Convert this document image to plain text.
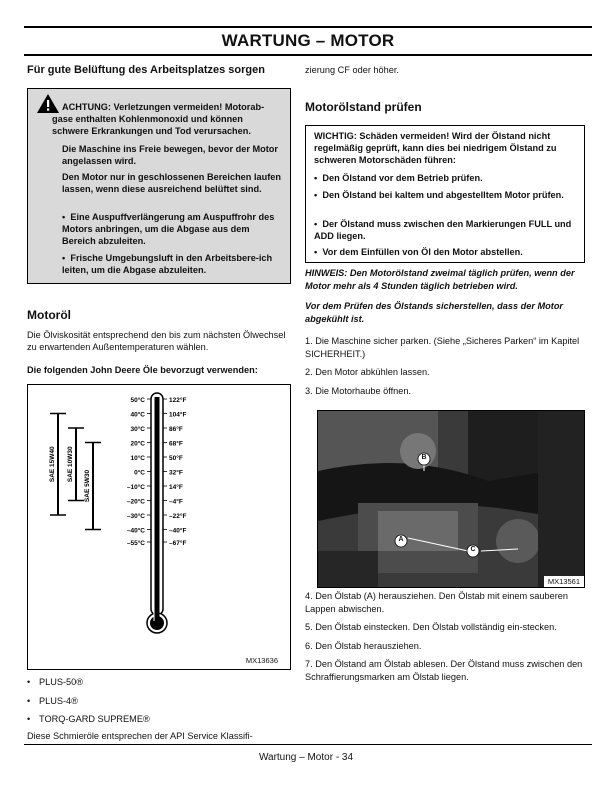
WARTUNG – MOTOR
Für gute Belüftung des Arbeitsplatzes sorgen
ACHTUNG: Verletzungen vermeiden! Motorab-
gase enthalten Kohlenmonoxid und können
schwere Erkrankungen und Tod verursachen.
Die Maschine ins Freie bewegen, bevor der Motor angelassen wird.
Den Motor nur in geschlossenen Bereichen laufen lassen, wenn diese ausreichend belüftet sind.
•  Eine Auspuffverlängerung am Auspuffrohr des Motors anbringen, um die Abgase aus dem Bereich abzuleiten.
•  Frische Umgebungsluft in den Arbeitsbere-ich leiten, um die Abgase abzuleiten.
Motoröl
Die Ölviskosität entsprechend den bis zum nächsten Ölwechsel zu erwartenden Außentemperaturen wählen.
Die folgenden John Deere Öle bevorzugt verwenden:
50°C	122°F
40°C	104°F
30°C	86°F
20°C	68°F
10°C	50°F
0°C	32°F
–10°C	14°F
–20°C	–4°F
–30°C	–22°F
–40°C	–40°F
–55°C	–67°F
SAE 15W40 SAE 10W30
SAE 5W30
MX13636
• PLUS-50®
• PLUS-4®
• TORQ-GARD SUPREME®
Diese Schmieröle entsprechen der API Service Klassifi-
zierung CF oder höher.
Motorölstand prüfen
WICHTIG: Schäden vermeiden! Wird der Ölstand nicht regelmäßig geprüft, kann dies bei niedrigem Ölstand zu schweren Motorschäden führen:
•  Den Ölstand vor dem Betrieb prüfen.
•  Den Ölstand bei kaltem und abgestelltem Motor prüfen.
•  Der Ölstand muss zwischen den Markierungen FULL und ADD liegen.
•  Vor dem Einfüllen von Öl den Motor abstellen.
HINWEIS: Den Motorölstand zweimal täglich prüfen, wenn der Motor mehr als 4 Stunden täglich betrieben wird.
Vor dem Prüfen des Ölstands sicherstellen, dass der Motor abgekühlt ist.
1. Die Maschine sicher parken. (Siehe „Sicheres Parken“ im Kapitel SICHERHEIT.)
2. Den Motor abkühlen lassen.
3. Die Motorhaube öffnen.
A
B
C
MX13561
4. Den Ölstab (A) herausziehen. Den Ölstab mit einem sauberen Lappen abwischen.
5. Den Ölstab einstecken. Den Ölstab vollständig ein-stecken.
6. Den Ölstab herausziehen.
7. Den Ölstand am Ölstab ablesen. Der Ölstand muss zwischen den Schraffierungsmarken am Ölstab liegen.
Wartung – Motor - 34
